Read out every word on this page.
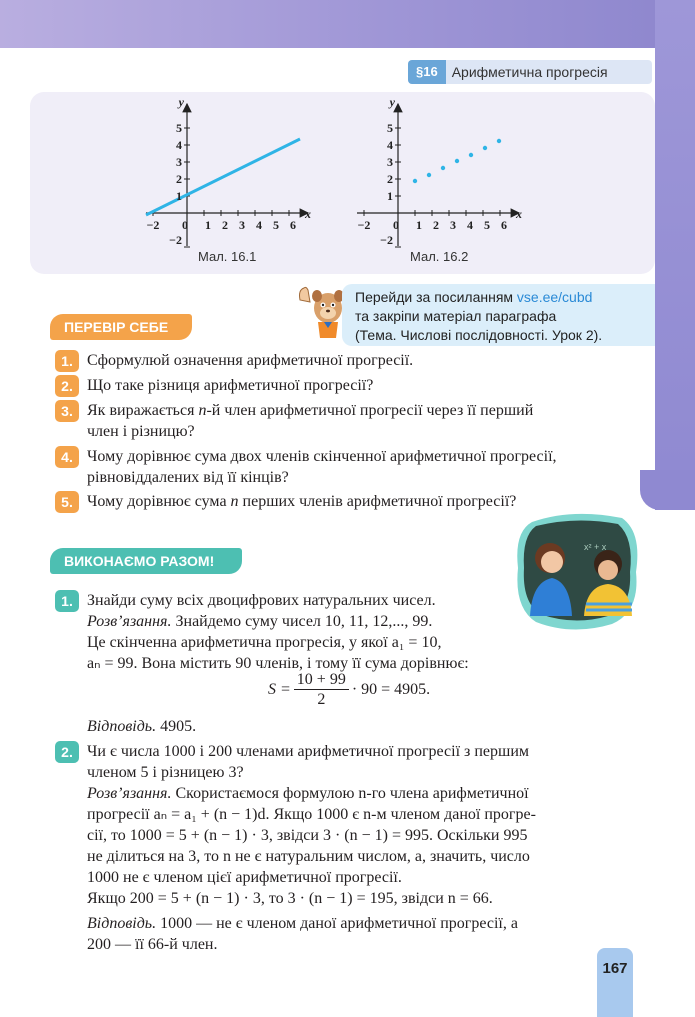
§16	Арифметична прогресія
y
x
−2 0 1 2 3 4 5 6
5
4
3
2
1
−2
y
x
−2 0 1 2 3 4 5 6
5
4
3
2
1
−2
Мал. 16.1	Мал. 16.2
Перейди за посиланням vse.ee/cubd
та закріпи матеріал параграфа
(Тема. Числові послідовності. Урок 2).
ПЕРЕВІР СЕБЕ
1. Сформулюй означення арифметичної прогресії.
2. Що таке різниця арифметичної прогресії?
3. Як виражається n-й член арифметичної прогресії через її перший
член і різницю?
4. Чому дорівнює сума двох членів скінченної арифметичної прогресії,
рівновіддалених від її кінців?
5. Чому дорівнює сума n перших членів арифметичної прогресії?
x² + x
ВИКОНАЄМО РАЗОМ!
1. Знайди суму всіх двоцифрових натуральних чисел.
Розв’язання. Знайдемо суму чисел 10, 11, 12,..., 99.
Це скінченна арифметична прогресія, у якої a₁ = 10,
aₙ = 99. Вона містить 90 членів, і тому її сума дорівнює:
$S = \frac{10 + 99}{2} \cdot 90 = 4905$.
Відповідь. 4905.
2. Чи є числа 1000 і 200 членами арифметичної прогресії з першим
членом 5 і різницею 3?
Розв’язання. Скористаємося формулою n-го члена арифметичної
прогресії aₙ = a₁ + (n − 1)d. Якщо 1000 є n-м членом даної прогре-
сії, то 1000 = 5 + (n − 1) · 3, звідси 3 · (n − 1) = 995. Оскільки 995
не ділиться на 3, то n не є натуральним числом, а, значить, число
1000 не є членом цієї арифметичної прогресії.
Якщо 200 = 5 + (n − 1) · 3, то 3 · (n − 1) = 195, звідси n = 66.
Відповідь. 1000 — не є членом даної арифметичної прогресії, а
200 — її 66-й член.
167
